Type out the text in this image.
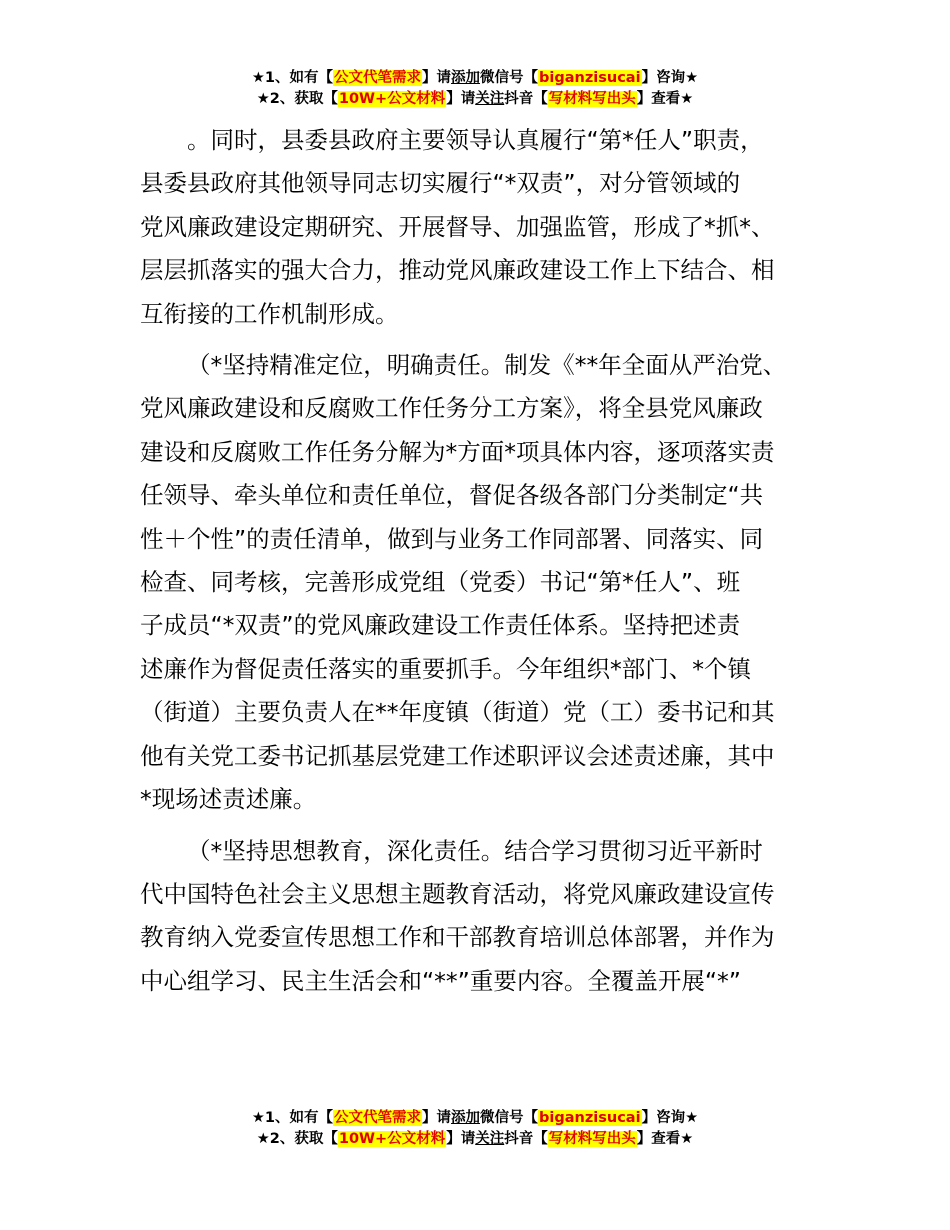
★1、如有【公文代笔需求】请添加微信号【biganzisucai】咨询★
★2、获取【10W+公文材料】请关注抖音【写材料写出头】查看★

。同时，县委县政府主要领导认真履行“第*任人”职责，

县委县政府其他领导同志切实履行“*双责”，对分管领域的

党风廉政建设定期研究、开展督导、加强监管，形成了*抓*、

层层抓落实的强大合力，推动党风廉政建设工作上下结合、相

互衔接的工作机制形成。

（*坚持精准定位，明确责任。制发《**年全面从严治党、

党风廉政建设和反腐败工作任务分工方案》，将全县党风廉政

建设和反腐败工作任务分解为*方面*项具体内容，逐项落实责

任领导、牵头单位和责任单位，督促各级各部门分类制定“共

性＋个性”的责任清单，做到与业务工作同部署、同落实、同

检查、同考核，完善形成党组（党委）书记“第*任人”、班

子成员“*双责”的党风廉政建设工作责任体系。坚持把述责

述廉作为督促责任落实的重要抓手。今年组织*部门、*个镇

（街道）主要负责人在**年度镇（街道）党（工）委书记和其

他有关党工委书记抓基层党建工作述职评议会述责述廉，其中

*现场述责述廉。

（*坚持思想教育，深化责任。结合学习贯彻习近平新时

代中国特色社会主义思想主题教育活动，将党风廉政建设宣传

教育纳入党委宣传思想工作和干部教育培训总体部署，并作为

中心组学习、民主生活会和“**”重要内容。全覆盖开展“*”

★1、如有【公文代笔需求】请添加微信号【biganzisucai】咨询★
★2、获取【10W+公文材料】请关注抖音【写材料写出头】查看★
